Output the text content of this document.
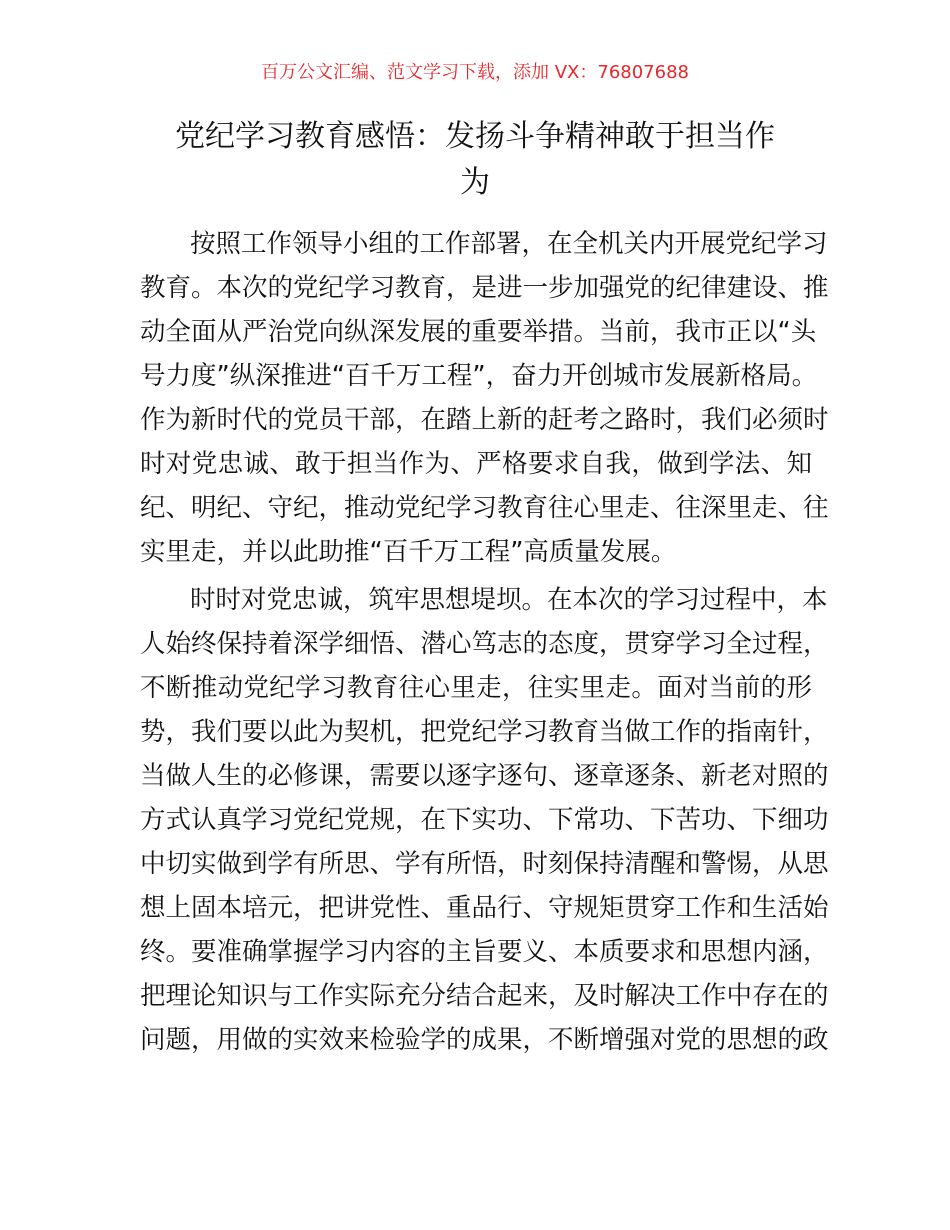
百万公文汇编、范文学习下载，添加 VX：76807688
党纪学习教育感悟：发扬斗争精神敢于担当作
为
按照工作领导小组的工作部署，在全机关内开展党纪学习
教育。本次的党纪学习教育，是进一步加强党的纪律建设、推
动全面从严治党向纵深发展的重要举措。当前，我市正以“头
号力度”纵深推进“百千万工程”，奋力开创城市发展新格局。
作为新时代的党员干部，在踏上新的赶考之路时，我们必须时
时对党忠诚、敢于担当作为、严格要求自我，做到学法、知
纪、明纪、守纪，推动党纪学习教育往心里走、往深里走、往
实里走，并以此助推“百千万工程”高质量发展。
时时对党忠诚，筑牢思想堤坝。在本次的学习过程中，本
人始终保持着深学细悟、潜心笃志的态度，贯穿学习全过程，
不断推动党纪学习教育往心里走，往实里走。面对当前的形
势，我们要以此为契机，把党纪学习教育当做工作的指南针，
当做人生的必修课，需要以逐字逐句、逐章逐条、新老对照的
方式认真学习党纪党规，在下实功、下常功、下苦功、下细功
中切实做到学有所思、学有所悟，时刻保持清醒和警惕，从思
想上固本培元，把讲党性、重品行、守规矩贯穿工作和生活始
终。要准确掌握学习内容的主旨要义、本质要求和思想内涵，
把理论知识与工作实际充分结合起来，及时解决工作中存在的
问题，用做的实效来检验学的成果，不断增强对党的思想的政
